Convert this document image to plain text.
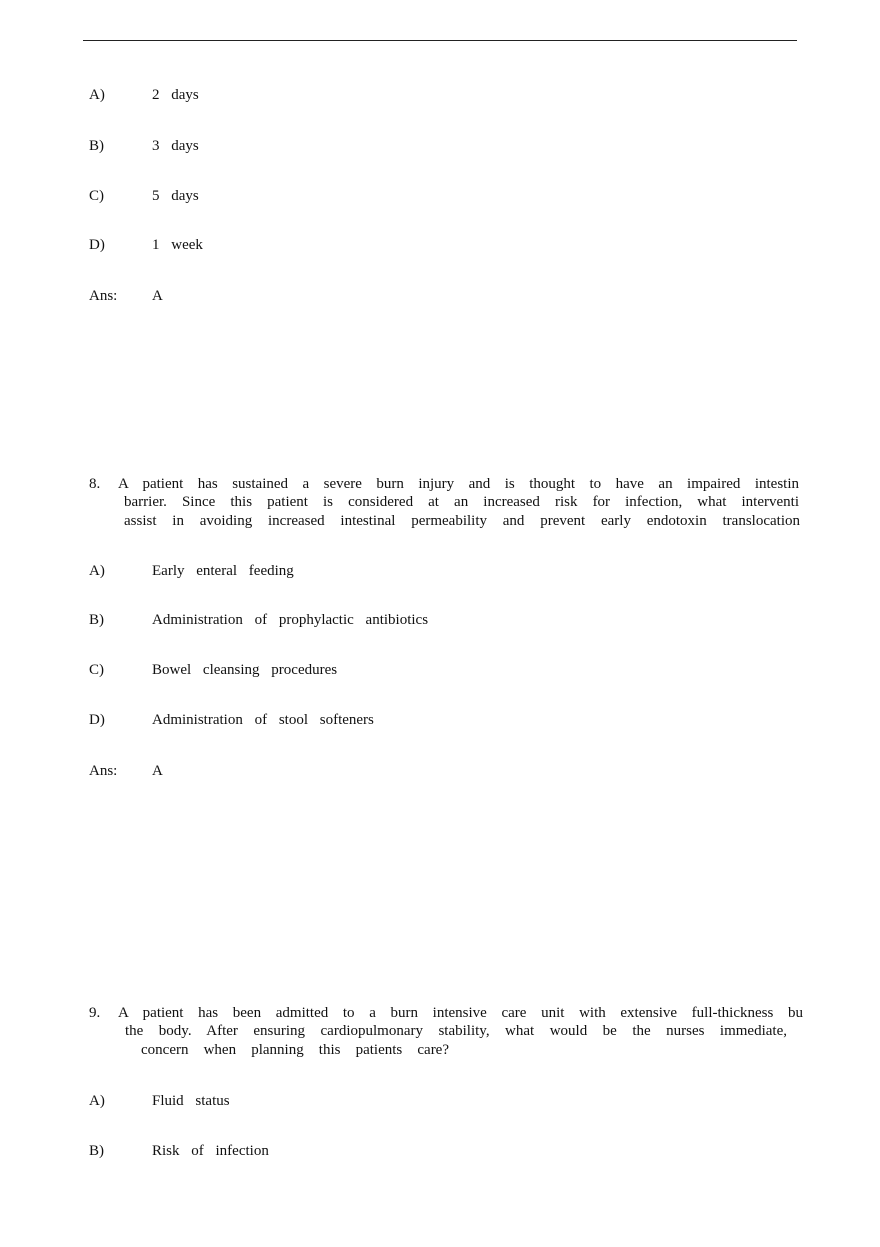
A)	2 days
B)	3 days
C)	5 days
D)	1 week
Ans: A
8. A patient has sustained a severe burn injury and is thought to have an impaired intestin
barrier. Since this patient is considered at an increased risk for infection, what interventi
assist in avoiding increased intestinal permeability and prevent early endotoxin translocation
A)	Early enteral feeding
B)	Administration of prophylactic antibiotics
C)	Bowel cleansing procedures
D)	Administration of stool softeners
Ans: A
9. A patient has been admitted to a burn intensive care unit with extensive full-thickness bu
the body. After ensuring cardiopulmonary stability, what would be the nurses immediate,
concern when planning this patients care?
A)	Fluid status
B)	Risk of infection
